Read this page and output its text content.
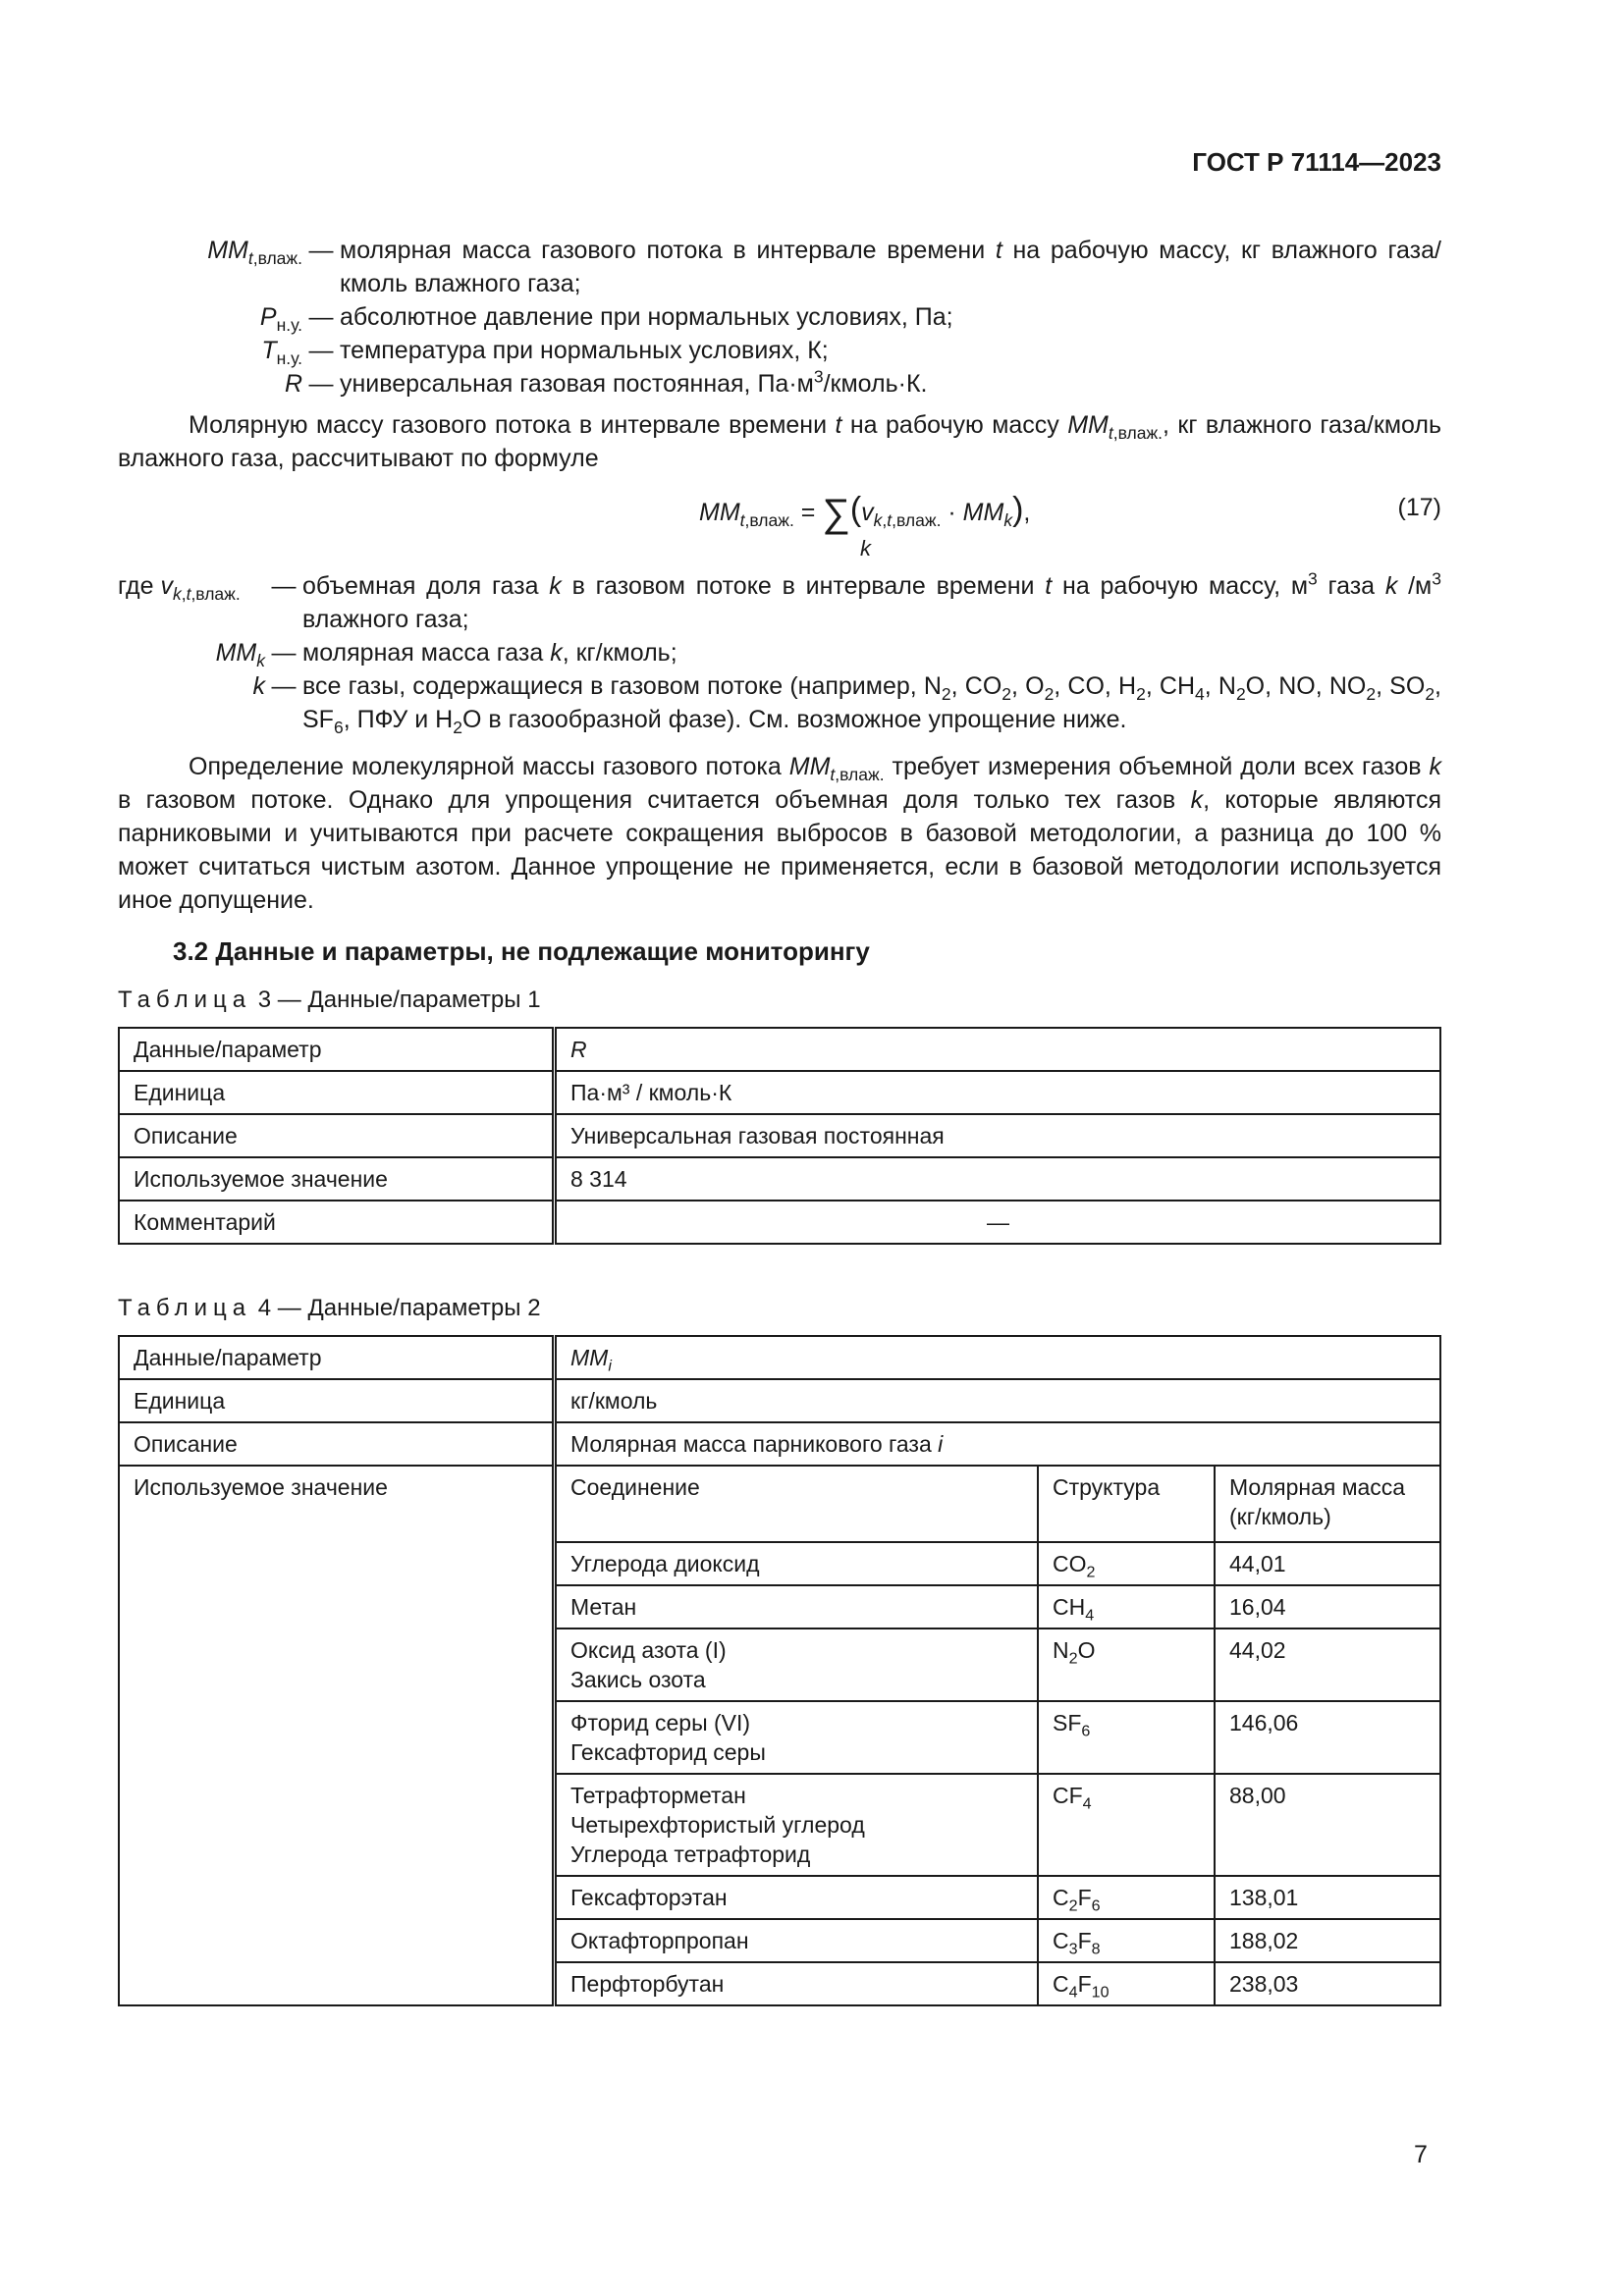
ГОСТ Р 71114—2023
$MM_{t,влаж.}$ — молярная масса газового потока в интервале времени t на рабочую массу, кг влажного газа/кмоль влажного газа;
$P_{н.у.}$ — абсолютное давление при нормальных условиях, Па;
$T_{н.у.}$ — температура при нормальных условиях, К;
R — универсальная газовая постоянная, $Па\cdot м^3/кмоль\cdot К$.
Молярную массу газового потока в интервале времени t на рабочую массу $MM_{t,влаж.}$, кг влажного газа/кмоль влажного газа, рассчитывают по формуле
$MM_{t,влаж.} = \sum(v_{k,t,влаж.} \cdot MM_k)$,
k
(17)
где $v_{k,t,влаж.}$	— объемная доля газа k в газовом потоке в интервале времени t на рабочую массу, $м^3$ газа k $/м^3$ влажного газа;
$MM_k$ — молярная масса газа k, кг/кмоль;
k — все газы, содержащиеся в газовом потоке (например, $N_2$, $CO_2$, $O_2$, CO, $H_2$, $CH_4$, $N_2O$, NO, $NO_2$, $SO_2$, $SF_6$, ПФУ и $H_2O$ в газообразной фазе). См. возможное упрощение ниже.
Определение молекулярной массы газового потока $MM_{t,влаж.}$ требует измерения объемной доли всех газов k в газовом потоке. Однако для упрощения считается объемная доля только тех газов k, которые являются парниковыми и учитываются при расчете сокращения выбросов в базовой методологии, а разница до 100 % может считаться чистым азотом. Данное упрощение не применяется, если в базовой методологии используется иное допущение.
3.2 Данные и параметры, не подлежащие мониторингу
Таблица 3 — Данные/параметры 1
Данные/параметр	R
Единица	Па·м³ / кмоль·К
Описание	Универсальная газовая постоянная
Используемое значение	8 314
Комментарий	—
Таблица 4 — Данные/параметры 2
Данные/параметр	$MM_i$
Единица	кг/кмоль
Описание	Молярная масса парникового газа i
Используемое значение		Соединение	Структура	Молярная масса (кг/кмоль)
Углерода диоксид	$CO_2$	44,01
Метан	$CH_4$	16,04
Оксид азота (I)
Закись озота	$N_2O$	44,02
Фторид серы (VI)
Гексафторид серы	$SF_6$	146,06
Тетрафторметан
Четырехфтористый углерод
Углерода тетрафторид	$CF_4$	88,00
Гексафторэтан	$C_2F_6$	138,01
Октафторпропан	$C_3F_8$	188,02
Перфторбутан	$C_4F_{10}$	238,03
7
